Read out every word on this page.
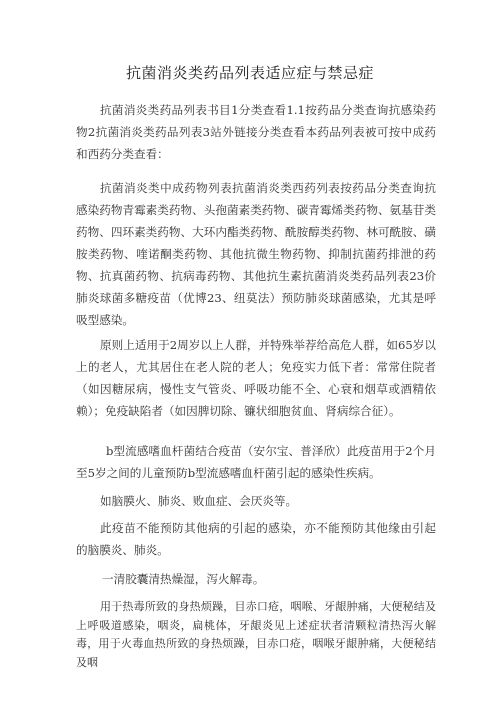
抗菌消炎类药品列表适应症与禁忌症

抗菌消炎类药品列表书目1分类查看1.1按药品分类查询抗感染药物2抗菌消炎类药品列表3站外链接分类查看本药品列表被可按中成药和西药分类查看：

抗菌消炎类中成药物列表抗菌消炎类西药列表按药品分类查询抗感染药物青霉素类药物、头孢菌素类药物、碳青霉烯类药物、氨基苷类药物、四环素类药物、大环内酯类药物、酰胺醇类药物、林可酰胺、磺胺类药物、喹诺酮类药物、其他抗微生物药物、抑制抗菌药排泄的药物、抗真菌药物、抗病毒药物、其他抗生素抗菌消炎类药品列表23价肺炎球菌多糖疫苗（优博23、纽莫法）预防肺炎球菌感染，尤其是呼吸型感染。

原则上适用于2周岁以上人群，并特殊举荐给高危人群，如65岁以上的老人，尤其居住在老人院的老人；免疫实力低下者：常常住院者（如因糖尿病，慢性支气管炎、呼吸功能不全、心衰和烟草或酒精依赖）；免疫缺陷者（如因脾切除、镰状细胞贫血、肾病综合征）。

b型流感嗜血杆菌结合疫苗（安尔宝、普泽欣）此疫苗用于2个月至5岁之间的儿童预防b型流感嗜血杆菌引起的感染性疾病。

如脑膜火、肺炎、败血症、会厌炎等。

此疫苗不能预防其他病的引起的感染，亦不能预防其他缘由引起的脑膜炎、肺炎。

一清胶囊清热燥湿，泻火解毒。

用于热毒所致的身热烦躁，目赤口疮，咽喉、牙龈肿痛，大便秘结及上呼吸道感染，咽炎，扁桃体，牙龈炎见上述症状者清颗粒清热泻火解毒，用于火毒血热所致的身热烦躁，目赤口疮，咽喉牙龈肿痛，大便秘结及咽
